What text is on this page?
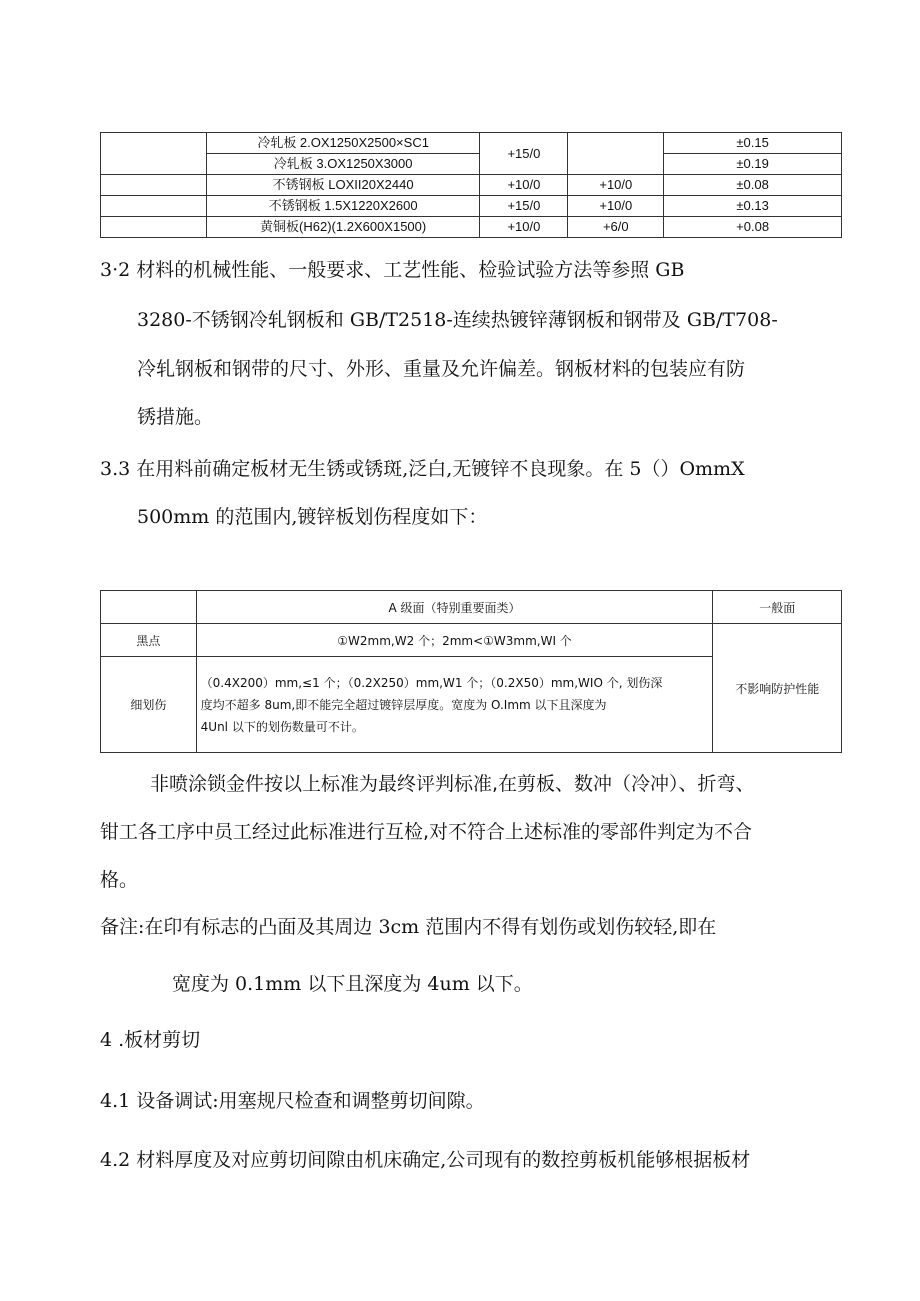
	冷轧板 2.OX1250X2500×SC1	+15/0		±0.15
	冷轧板 3.OX1250X3000			±0.19
	不锈钢板 LOXII20X2440	+10/0	+10/0	±0.08
	不锈钢板 1.5X1220X2600	+15/0	+10/0	±0.13
	黄铜板(H62)(1.2X600X1500)	+10/0	+6/0	+0.08
3·2 材料的机械性能、一般要求、工艺性能、检验试验方法等参照 GB
3280-不锈钢冷轧钢板和 GB/T2518-连续热镀锌薄钢板和钢带及 GB/T708-
冷轧钢板和钢带的尺寸、外形、重量及允许偏差。钢板材料的包装应有防
锈措施。
3.3 在用料前确定板材无生锈或锈斑,泛白,无镀锌不良现象。在 5（）OmmX
500mm 的范围内,镀锌板划伤程度如下：
	A 级面（特别重要面类）	一般面
黑点	①W2mm,W2 个；2mm<①W3mm,WI 个	不影响防护性能
细划伤	（0.4X200）mm,≤1 个；（0.2X250）mm,W1 个；（0.2X50）mm,WIO 个, 划伤深
度均不超多 8um,即不能完全超过镀锌层厚度。宽度为 O.Imm 以下且深度为
4Unl 以下的划伤数量可不计。	
非喷涂锁金件按以上标准为最终评判标准,在剪板、数冲（冷冲）、折弯、
钳工各工序中员工经过此标准进行互检,对不符合上述标准的零部件判定为不合
格。
备注:在印有标志的凸面及其周边 3cm 范围内不得有划伤或划伤较轻,即在
宽度为 0.1mm 以下且深度为 4um 以下。
4 .板材剪切
4.1 设备调试:用塞规尺检查和调整剪切间隙。
4.2 材料厚度及对应剪切间隙由机床确定,公司现有的数控剪板机能够根据板材
